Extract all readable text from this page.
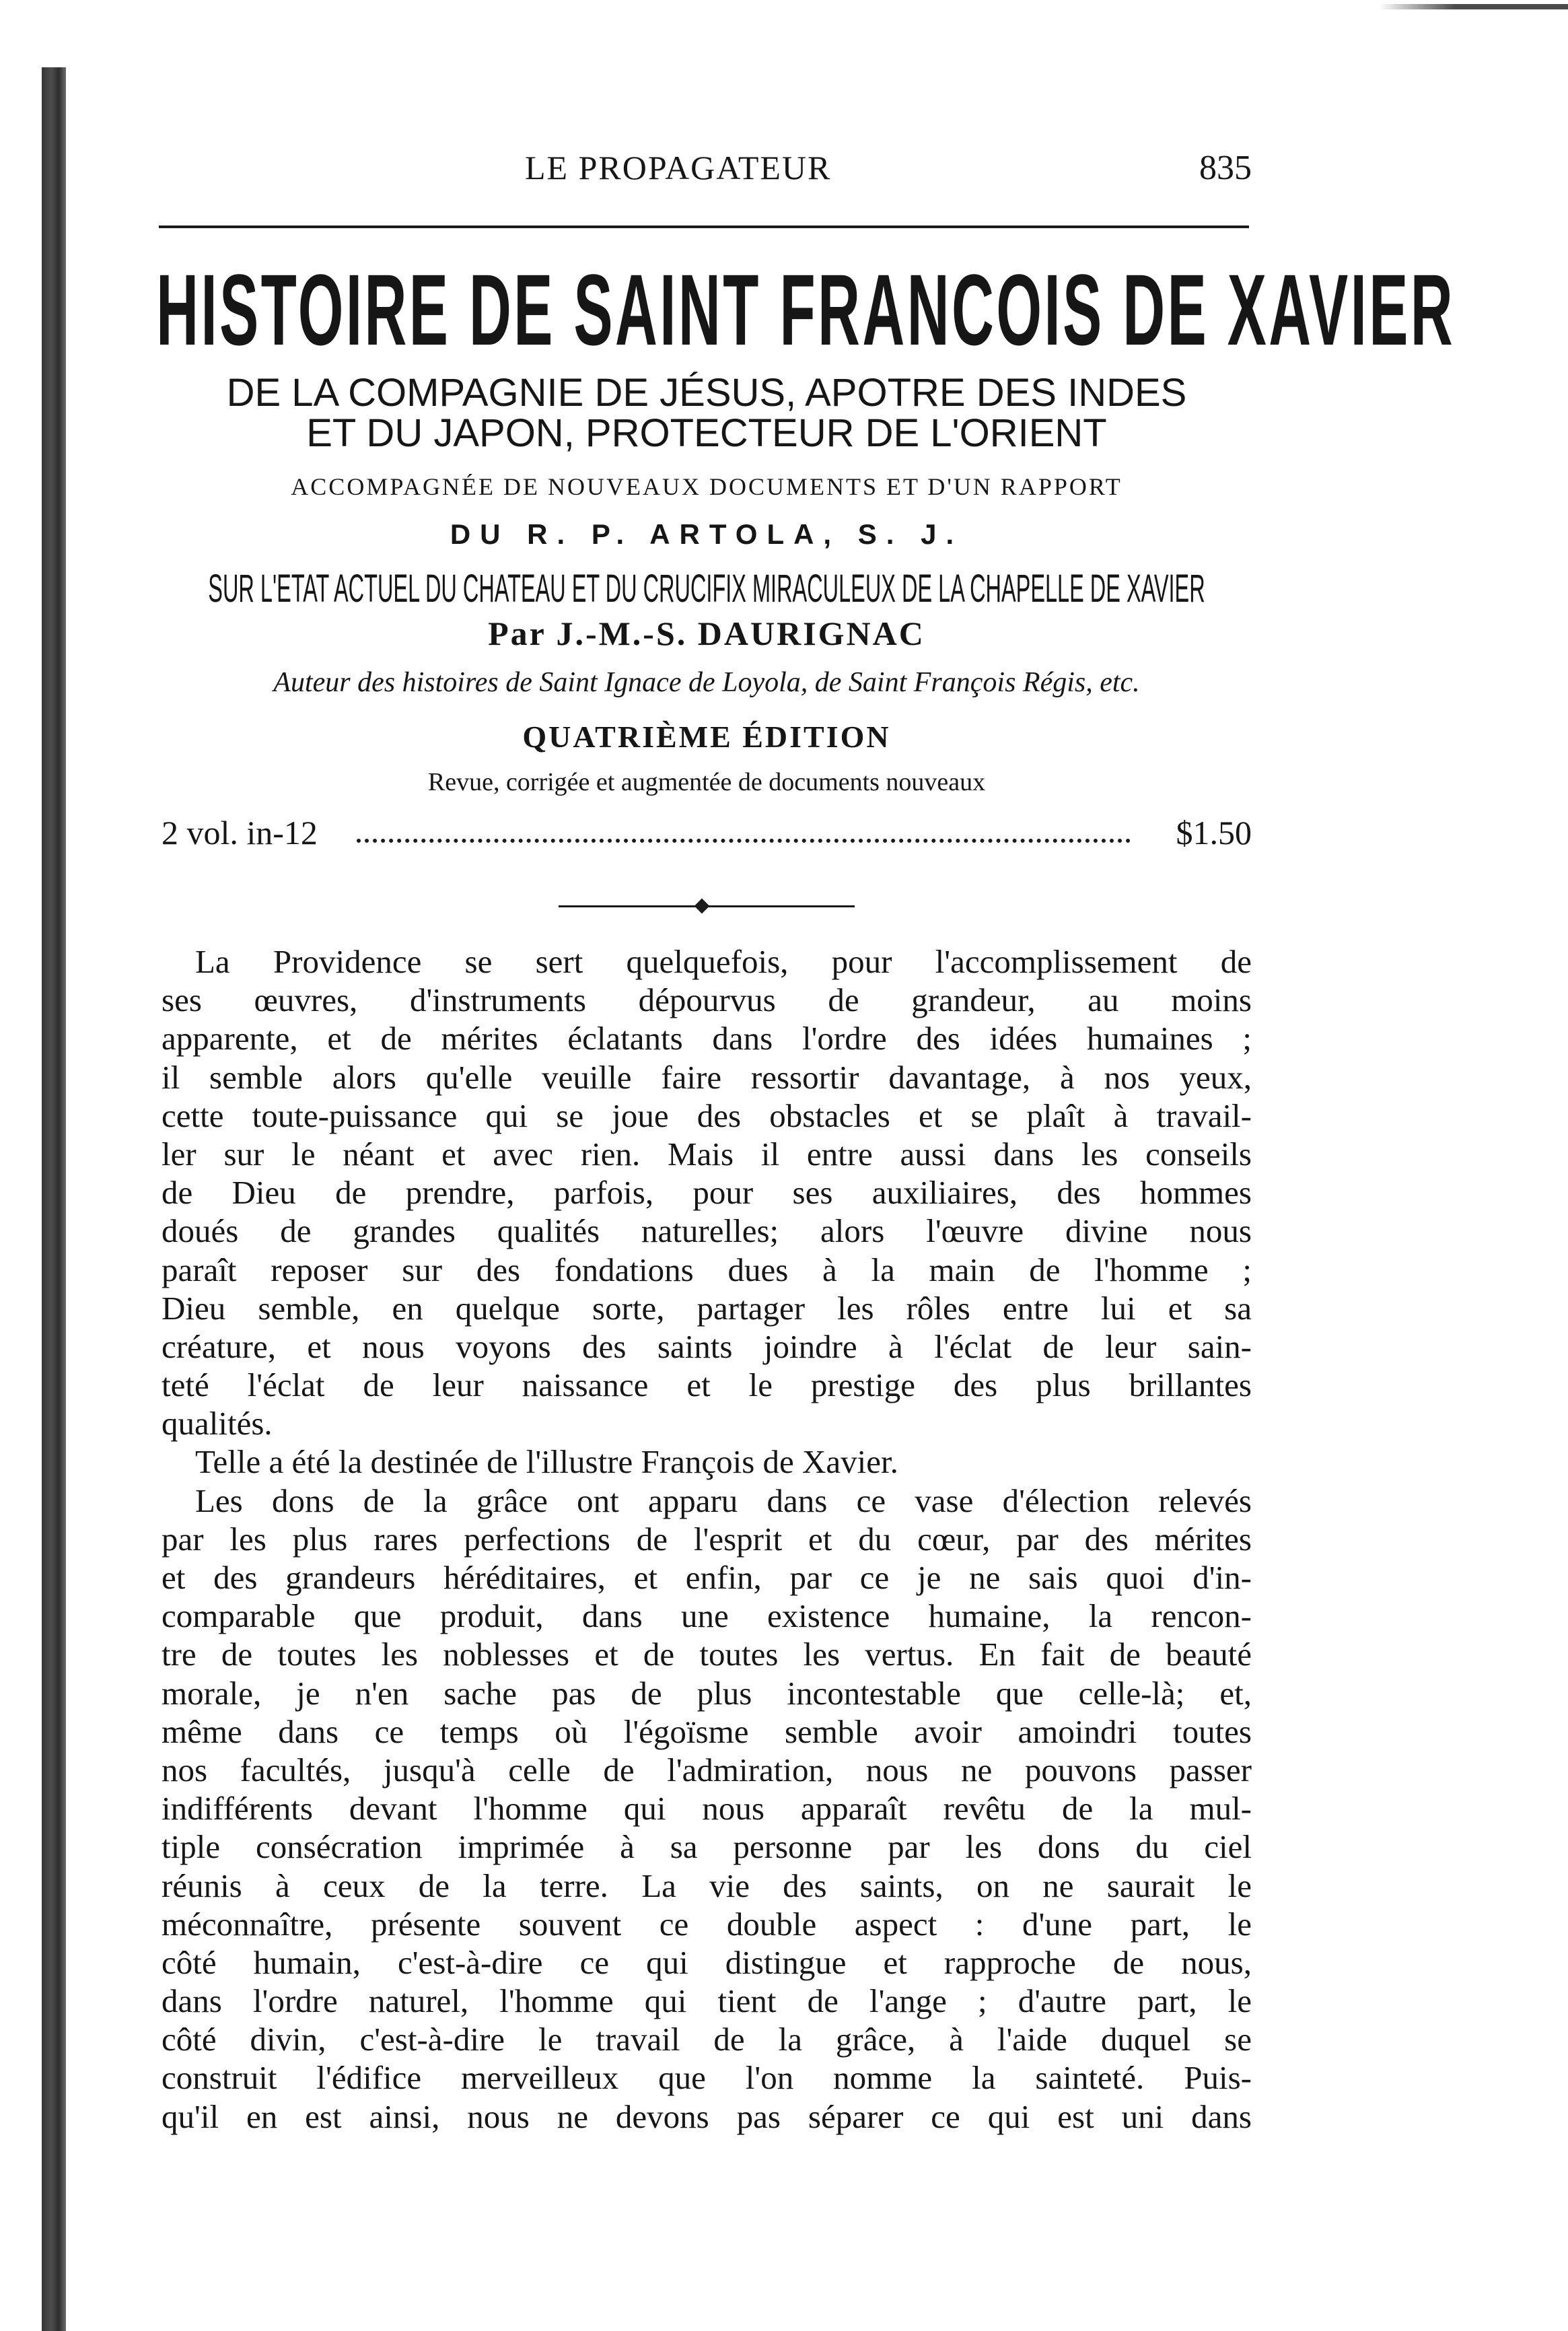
LE PROPAGATEUR	835
HISTOIRE DE SAINT FRANCOIS DE XAVIER
DE LA COMPAGNIE DE JÉSUS, APOTRE DES INDES
ET DU JAPON, PROTECTEUR DE L'ORIENT
ACCOMPAGNÉE DE NOUVEAUX DOCUMENTS ET D'UN RAPPORT
DU R. P. ARTOLA, S. J.
SUR L'ETAT ACTUEL DU CHATEAU ET DU CRUCIFIX MIRACULEUX DE LA CHAPELLE DE XAVIER
Par J.-M.-S. DAURIGNAC
Auteur des histoires de Saint Ignace de Loyola, de Saint François Régis, etc.
QUATRIÈME ÉDITION
Revue, corrigée et augmentée de documents nouveaux
2 vol. in-12	$1.50
La Providence se sert quelquefois, pour l'accomplissement de
ses œuvres, d'instruments dépourvus de grandeur, au moins
apparente, et de mérites éclatants dans l'ordre des idées humaines ;
il semble alors qu'elle veuille faire ressortir davantage, à nos yeux,
cette toute-puissance qui se joue des obstacles et se plaît à travail-
ler sur le néant et avec rien. Mais il entre aussi dans les conseils
de Dieu de prendre, parfois, pour ses auxiliaires, des hommes
doués de grandes qualités naturelles; alors l'œuvre divine nous
paraît reposer sur des fondations dues à la main de l'homme ;
Dieu semble, en quelque sorte, partager les rôles entre lui et sa
créature, et nous voyons des saints joindre à l'éclat de leur sain-
teté l'éclat de leur naissance et le prestige des plus brillantes
qualités.
Telle a été la destinée de l'illustre François de Xavier.
Les dons de la grâce ont apparu dans ce vase d'élection relevés
par les plus rares perfections de l'esprit et du cœur, par des mérites
et des grandeurs héréditaires, et enfin, par ce je ne sais quoi d'in-
comparable que produit, dans une existence humaine, la rencon-
tre de toutes les noblesses et de toutes les vertus. En fait de beauté
morale, je n'en sache pas de plus incontestable que celle-là; et,
même dans ce temps où l'égoïsme semble avoir amoindri toutes
nos facultés, jusqu'à celle de l'admiration, nous ne pouvons passer
indifférents devant l'homme qui nous apparaît revêtu de la mul-
tiple consécration imprimée à sa personne par les dons du ciel
réunis à ceux de la terre. La vie des saints, on ne saurait le
méconnaître, présente souvent ce double aspect : d'une part, le
côté humain, c'est-à-dire ce qui distingue et rapproche de nous,
dans l'ordre naturel, l'homme qui tient de l'ange ; d'autre part, le
côté divin, c'est-à-dire le travail de la grâce, à l'aide duquel se
construit l'édifice merveilleux que l'on nomme la sainteté. Puis-
qu'il en est ainsi, nous ne devons pas séparer ce qui est uni dans
